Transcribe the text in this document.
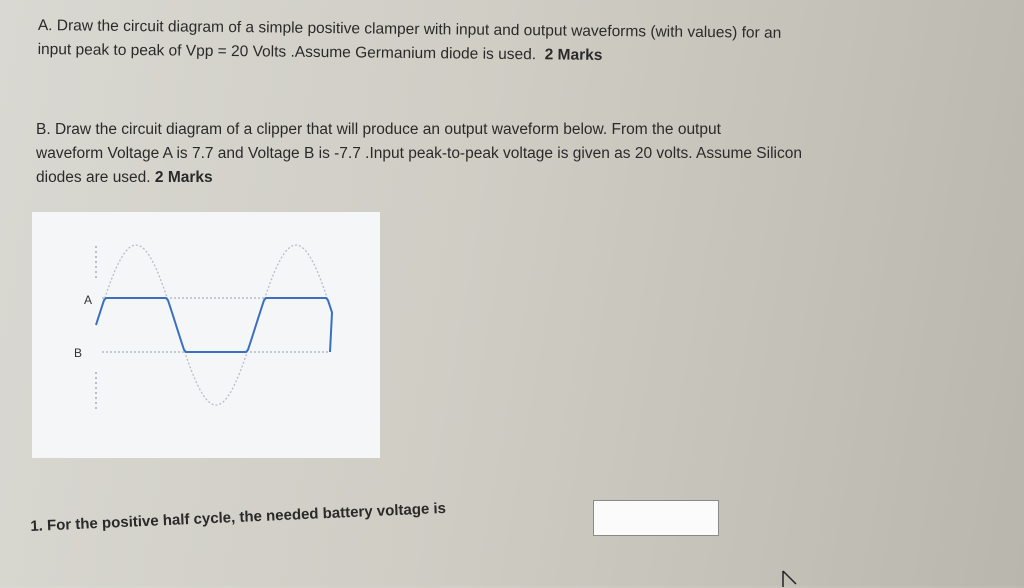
A. Draw the circuit diagram of a simple positive clamper with input and output waveforms (with values) for an
input peak to peak of Vpp = 20 Volts .Assume Germanium diode is used. 2 Marks
B. Draw the circuit diagram of a clipper that will produce an output waveform below. From the output
waveform Voltage A is 7.7 and Voltage B is -7.7 .Input peak-to-peak voltage is given as 20 volts. Assume Silicon
diodes are used. 2 Marks
A
B
1. For the positive half cycle, the needed battery voltage is
